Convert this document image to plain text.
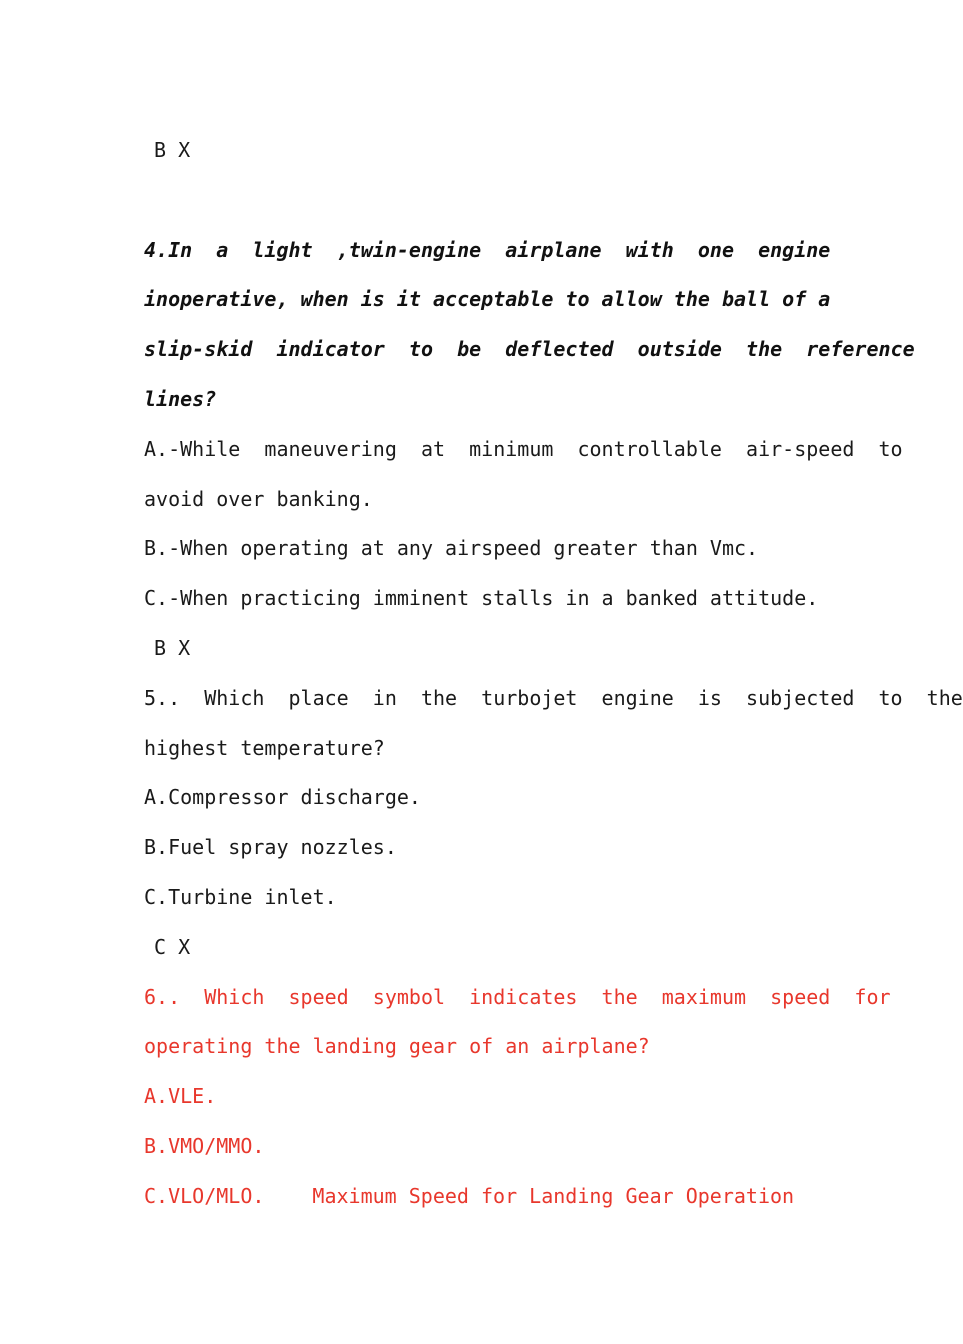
B X
4.In  a  light  ,twin-engine  airplane  with  one  engine
inoperative, when is it acceptable to allow the ball of a
slip-skid  indicator  to  be  deflected  outside  the  reference
lines?
A.-While  maneuvering  at  minimum  controllable  air-speed  to
avoid over banking.
B.-When operating at any airspeed greater than Vmc.
C.-When practicing imminent stalls in a banked attitude.
B X
5..  Which  place  in  the  turbojet  engine  is  subjected  to  the
highest temperature?
A.Compressor discharge.
B.Fuel spray nozzles.
C.Turbine inlet.
C X
6..  Which  speed  symbol  indicates  the  maximum  speed  for
operating the landing gear of an airplane?
A.VLE.
B.VMO/MMO.
C.VLO/MLO. Maximum Speed for Landing Gear Operation
